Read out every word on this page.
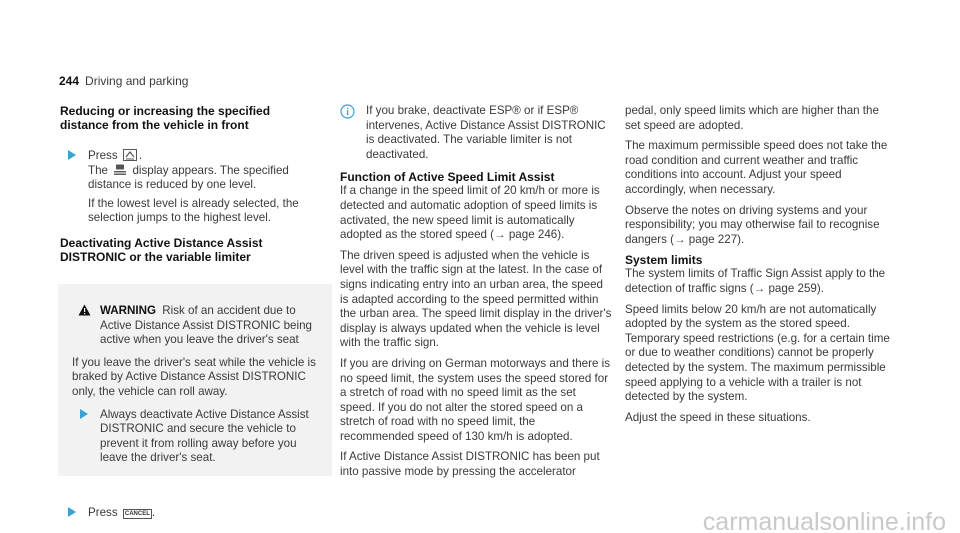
244 Driving and parking
Reducing or increasing the specified distance from the vehicle in front
Press .
The display appears. The specified distance is reduced by one level.

If the lowest level is already selected, the selection jumps to the highest level.

Deactivating Active Distance Assist DISTRONIC or the variable limiter
WARNING Risk of an accident due to Active Distance Assist DISTRONIC being active when you leave the driver's seat

If you leave the driver's seat while the vehicle is braked by Active Distance Assist DISTRONIC only, the vehicle can roll away.

Always deactivate Active Distance Assist DISTRONIC and secure the vehicle to prevent it from rolling away before you leave the driver's seat.
Press CANCEL .
If you brake, deactivate ESP® or if ESP® intervenes, Active Distance Assist DISTRONIC is deactivated. The variable limiter is not deactivated.
Function of Active Speed Limit Assist

If a change in the speed limit of 20 km/h or more is detected and automatic adoption of speed limits is activated, the new speed limit is automatically adopted as the stored speed (→ page 246).

The driven speed is adjusted when the vehicle is level with the traffic sign at the latest. In the case of signs indicating entry into an urban area, the speed is adapted according to the speed permitted within the urban area. The speed limit display in the driver's display is always updated when the vehicle is level with the traffic sign.

If you are driving on German motorways and there is no speed limit, the system uses the speed stored for a stretch of road with no speed limit as the set speed. If you do not alter the stored speed on a stretch of road with no speed limit, the recommended speed of 130 km/h is adopted.

If Active Distance Assist DISTRONIC has been put into passive mode by pressing the accelerator

pedal, only speed limits which are higher than the set speed are adopted.

The maximum permissible speed does not take the road condition and current weather and traffic conditions into account. Adjust your speed accordingly, when necessary.

Observe the notes on driving systems and your responsibility; you may otherwise fail to recognise dangers (→ page 227).

System limits

The system limits of Traffic Sign Assist apply to the detection of traffic signs (→ page 259).

Speed limits below 20 km/h are not automatically adopted by the system as the stored speed. Temporary speed restrictions (e.g. for a certain time or due to weather conditions) cannot be properly detected by the system. The maximum permissible speed applying to a vehicle with a trailer is not detected by the system.

Adjust the speed in these situations.

carmanualsonline.info
